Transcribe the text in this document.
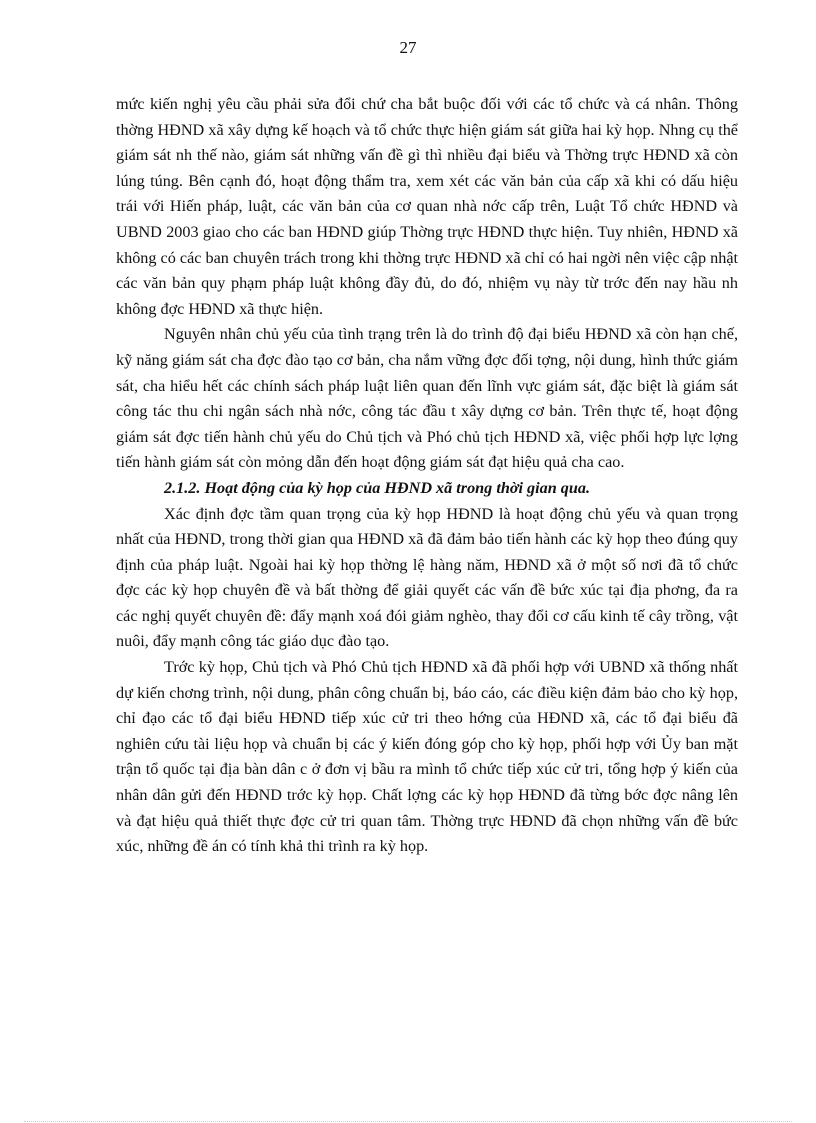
27

mức kiến nghị yêu cầu phải sửa đổi chứ cha bắt buộc đối với các tổ chức và cá nhân. Thông thờng HĐND xã xây dựng kế hoạch và tổ chức thực hiện giám sát giữa hai kỳ họp. Nhng cụ thể giám sát nh thế nào, giám sát những vấn đề gì thì nhiều đại biểu và Thờng trực HĐND xã còn lúng túng. Bên cạnh đó, hoạt động thẩm tra, xem xét các văn bản của cấp xã khi có dấu hiệu trái với Hiến pháp, luật, các văn bản của cơ quan nhà nớc cấp trên, Luật Tổ chức HĐND và UBND 2003 giao cho các ban HĐND giúp Thờng trực HĐND thực hiện. Tuy nhiên, HĐND xã không có các ban chuyên trách trong khi thờng trực HĐND xã chỉ có hai ngời nên việc cập nhật các văn bản quy phạm pháp luật không đầy đủ, do đó, nhiệm vụ này từ trớc đến nay hầu nh không đợc HĐND xã thực hiện.

Nguyên nhân chủ yếu của tình trạng trên là do trình độ đại biểu HĐND xã còn hạn chế, kỹ năng giám sát cha đợc đào tạo cơ bản, cha nắm vững đợc đối tợng, nội dung, hình thức giám sát, cha hiểu hết các chính sách pháp luật liên quan đến lĩnh vực giám sát, đặc biệt là giám sát công tác thu chi ngân sách nhà nớc, công tác đầu t xây dựng cơ bản. Trên thực tế, hoạt động giám sát đợc tiến hành chủ yếu do Chủ tịch và Phó chủ tịch HĐND xã, việc phối hợp lực lợng tiến hành giám sát còn mỏng dẫn đến hoạt động giám sát đạt hiệu quả cha cao.

2.1.2. Hoạt động của kỳ họp của HĐND xã trong thời gian qua.

Xác định đợc tầm quan trọng của kỳ họp HĐND là hoạt động chủ yếu và quan trọng nhất của HĐND, trong thời gian qua HĐND xã đã đảm bảo tiến hành các kỳ họp theo đúng quy định của pháp luật. Ngoài hai kỳ họp thờng lệ hàng năm, HĐND xã ở một số nơi đã tổ chức đợc các kỳ họp chuyên đề và bất thờng để giải quyết các vấn đề bức xúc tại địa phơng, đa ra các nghị quyết chuyên đề: đẩy mạnh xoá đói giảm nghèo, thay đổi cơ cấu kinh tế cây trồng, vật nuôi, đẩy mạnh công tác giáo dục đào tạo.

Trớc kỳ họp, Chủ tịch và Phó Chủ tịch HĐND xã đã phối hợp với UBND xã thống nhất dự kiến chơng trình, nội dung, phân công chuẩn bị, báo cáo, các điều kiện đảm bảo cho kỳ họp, chỉ đạo các tổ đại biểu HĐND tiếp xúc cử tri theo hớng của HĐND xã, các tổ đại biểu đã nghiên cứu tài liệu họp và chuẩn bị các ý kiến đóng góp cho kỳ họp, phối hợp với Ủy ban mặt trận tổ quốc tại địa bàn dân c ở đơn vị bầu ra mình tổ chức tiếp xúc cử tri, tổng hợp ý kiến của nhân dân gửi đến HĐND trớc kỳ họp. Chất lợng các kỳ họp HĐND đã từng bớc đợc nâng lên và đạt hiệu quả thiết thực đợc cử tri quan tâm. Thờng trực HĐND đã chọn những vấn đề bức xúc, những đề án có tính khả thi trình ra kỳ họp.
